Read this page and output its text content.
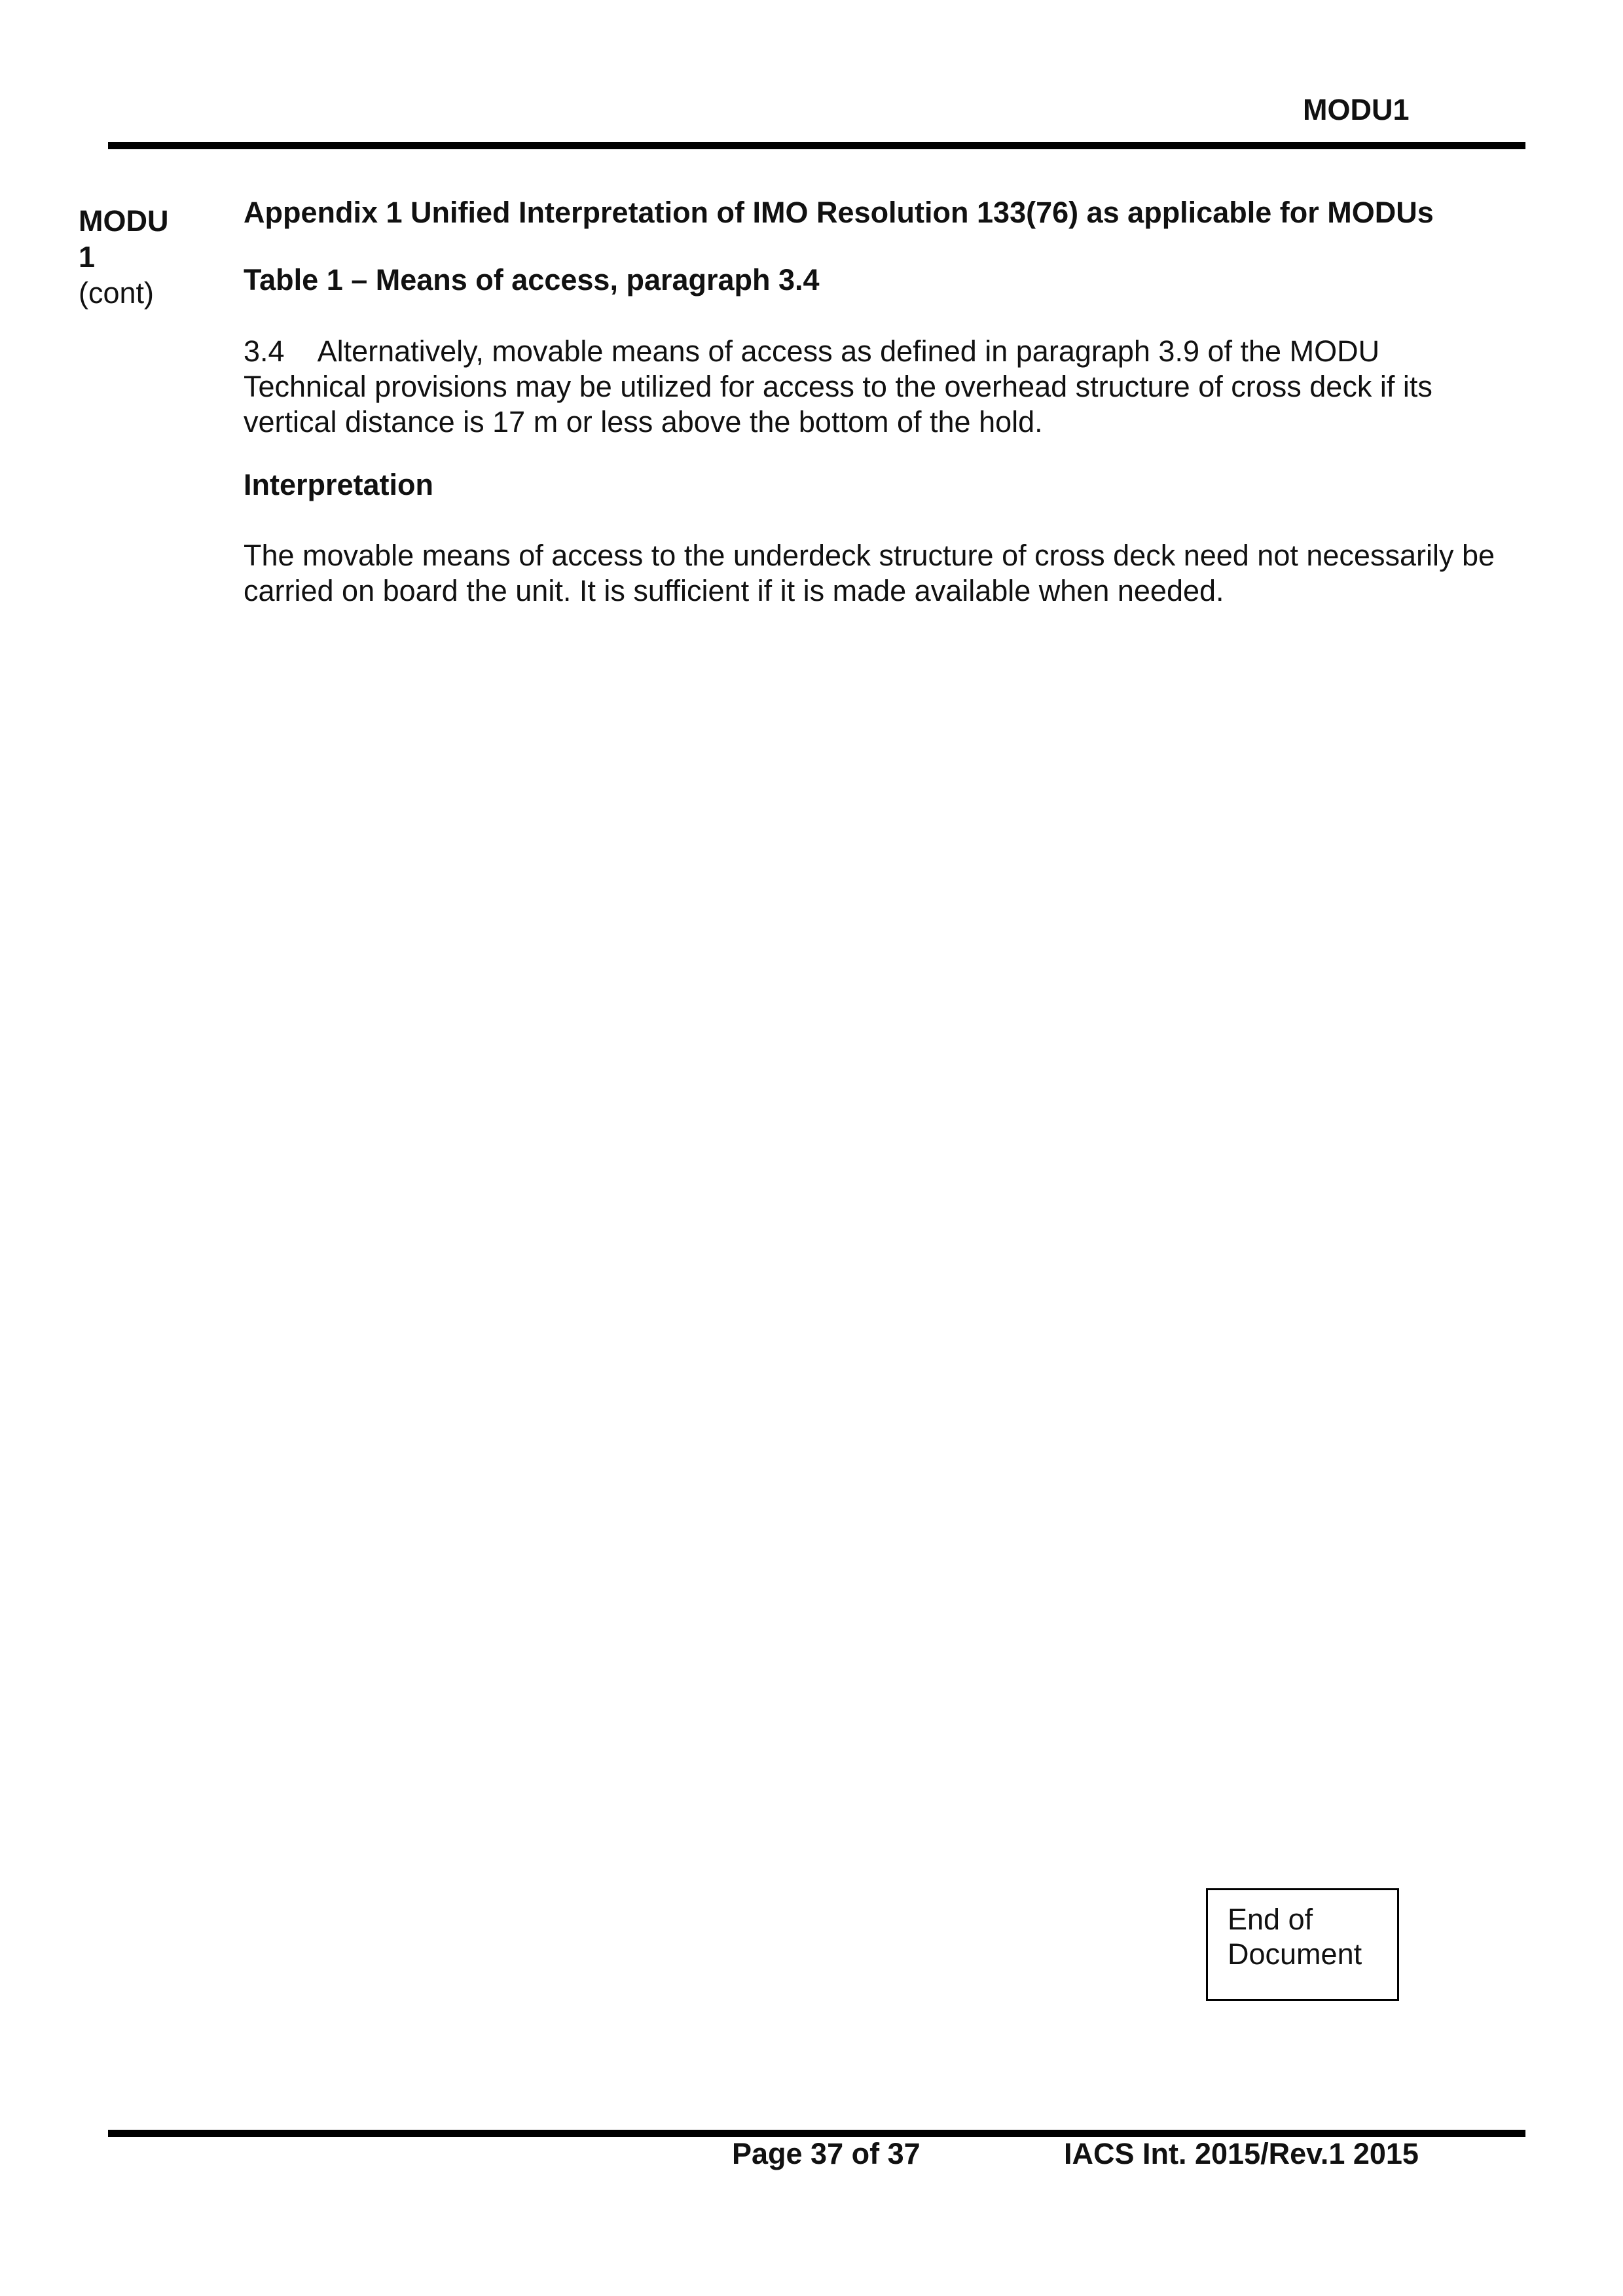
MODU1
MODU
1
(cont)
Appendix 1 Unified Interpretation of IMO Resolution 133(76) as applicable for MODUs
Table 1 – Means of access, paragraph 3.4

3.4 Alternatively, movable means of access as defined in paragraph 3.9 of the MODU Technical provisions may be utilized for access to the overhead structure of cross deck if its vertical distance is 17 m or less above the bottom of the hold.

Interpretation

The movable means of access to the underdeck structure of cross deck need not necessarily be carried on board the unit. It is sufficient if it is made available when needed.

End of
Document
Page 37 of 37	IACS Int. 2015/Rev.1 2015
